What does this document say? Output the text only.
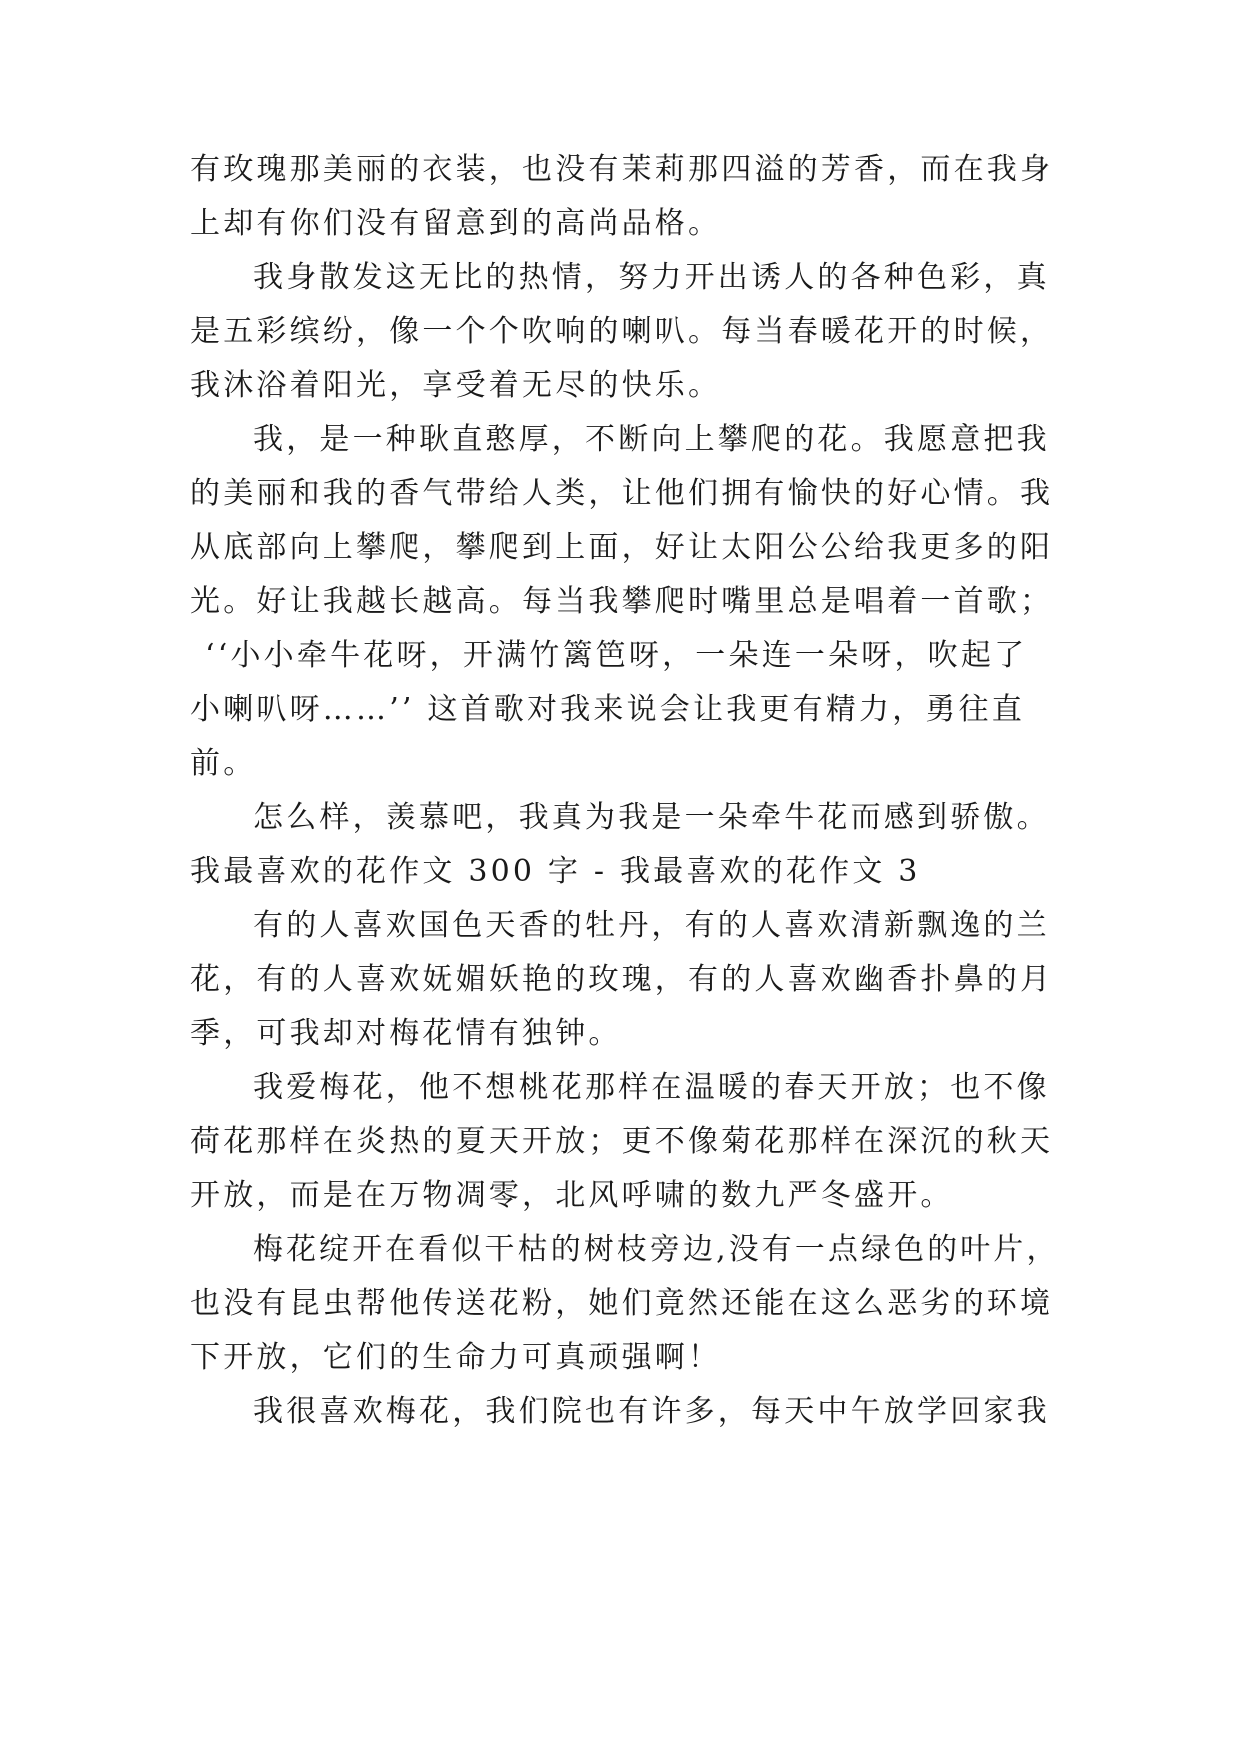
有玫瑰那美丽的衣装，也没有茉莉那四溢的芳香，而在我身
上却有你们没有留意到的高尚品格。
我身散发这无比的热情，努力开出诱人的各种色彩，真
是五彩缤纷，像一个个吹响的喇叭。每当春暖花开的时候，
我沐浴着阳光，享受着无尽的快乐。
我，是一种耿直憨厚，不断向上攀爬的花。我愿意把我
的美丽和我的香气带给人类，让他们拥有愉快的好心情。我
从底部向上攀爬，攀爬到上面，好让太阳公公给我更多的阳
光。好让我越长越高。每当我攀爬时嘴里总是唱着一首歌；
‘‘小小牵牛花呀，开满竹篱笆呀，一朵连一朵呀，吹起了
小喇叭呀……’’ 这首歌对我来说会让我更有精力，勇往直
前。
怎么样，羡慕吧，我真为我是一朵牵牛花而感到骄傲。
我最喜欢的花作文 300 字 - 我最喜欢的花作文 3
有的人喜欢国色天香的牡丹，有的人喜欢清新飘逸的兰
花，有的人喜欢妩媚妖艳的玫瑰，有的人喜欢幽香扑鼻的月
季，可我却对梅花情有独钟。
我爱梅花，他不想桃花那样在温暖的春天开放；也不像
荷花那样在炎热的夏天开放；更不像菊花那样在深沉的秋天
开放，而是在万物凋零，北风呼啸的数九严冬盛开。
梅花绽开在看似干枯的树枝旁边,没有一点绿色的叶片，
也没有昆虫帮他传送花粉，她们竟然还能在这么恶劣的环境
下开放，它们的生命力可真顽强啊！
我很喜欢梅花，我们院也有许多，每天中午放学回家我
